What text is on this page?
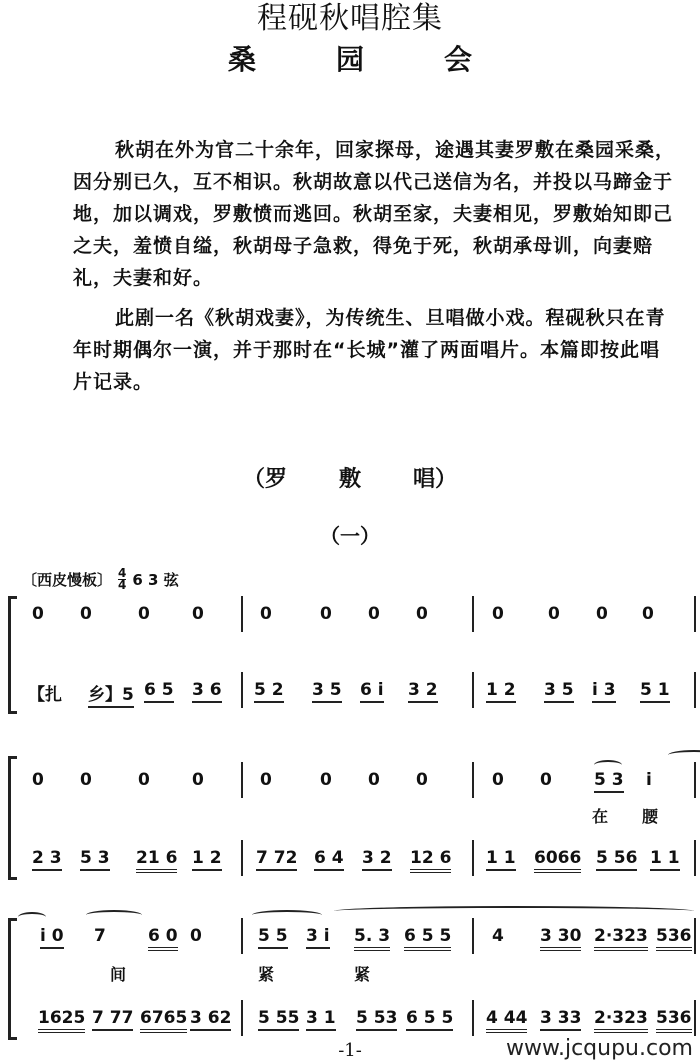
程砚秋唱腔集
桑	园	会
秋胡在外为官二十余年，回家探母，途遇其妻罗敷在桑园采桑，因分别已久，互不相识。秋胡故意以代己送信为名，并投以马蹄金于地，加以调戏，罗敷愤而逃回。秋胡至家，夫妻相见，罗敷始知即己之夫，羞愤自缢，秋胡母子急救，得免于死，秋胡承母训，向妻赔礼，夫妻和好。
此剧一名《秋胡戏妻》，为传统生、旦唱做小戏。程砚秋只在青年时期偶尔一演，并于那时在“长城”灌了两面唱片。本篇即按此唱片记录。
（罗 敷 唱）
（一）
〔西皮慢板〕 $\frac{4}{4} 6$ 3 弦
0 0	0 0	0	0 0 0	0	0 0 0
【扎 乡】5 6 5 3 6 5 2 3 5 6 i 3 2	1 2 3 5 i 3 5 1
0 0	0 0	0	0 0 0	0 0 5 3 i
在 腰
2 3 5 3 21 6 1 2 7 72 6 4 3 2 12 6 1 1 6066 5 56 1 1
i 0 7 6 0 0	5 5 3 i 5. 3 6 5 5 4 3 30 2·323 536
间	紧	紧
1625 7 77 6765 3 62 5 55 3 1 5 53 6 5 5 4 44 3 33 2·323 536
-1-	www.jcqupu.com
